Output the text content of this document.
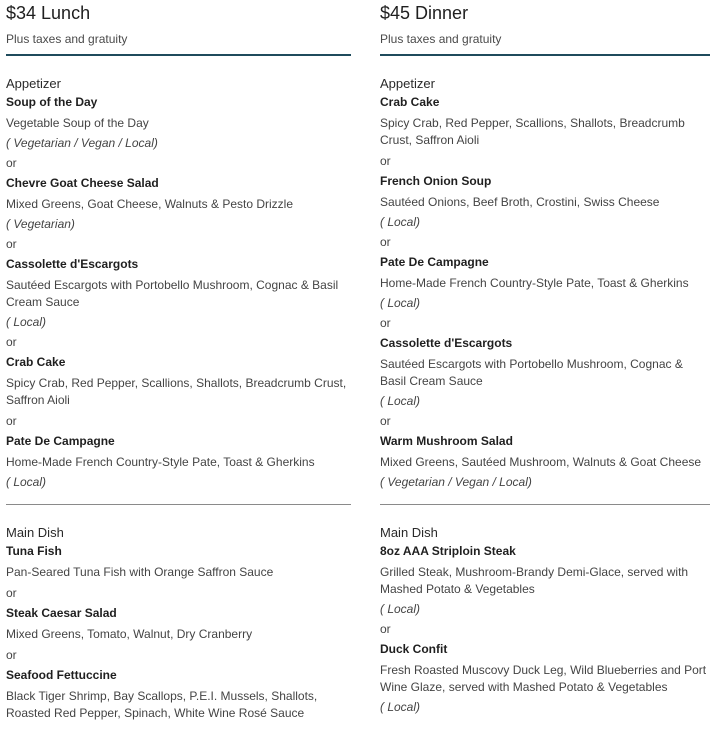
$34 Lunch
Plus taxes and gratuity
Appetizer
Soup of the Day
Vegetable Soup of the Day
( Vegetarian / Vegan / Local)
or
Chevre Goat Cheese Salad
Mixed Greens, Goat Cheese, Walnuts & Pesto Drizzle
( Vegetarian)
or
Cassolette d'Escargots
Sautéed Escargots with Portobello Mushroom, Cognac & Basil Cream Sauce
( Local)
or
Crab Cake
Spicy Crab, Red Pepper, Scallions, Shallots, Breadcrumb Crust, Saffron Aioli
or
Pate De Campagne
Home-Made French Country-Style Pate, Toast & Gherkins
( Local)
Main Dish
Tuna Fish
Pan-Seared Tuna Fish with Orange Saffron Sauce
or
Steak Caesar Salad
Mixed Greens, Tomato, Walnut, Dry Cranberry
or
Seafood Fettuccine
Black Tiger Shrimp, Bay Scallops, P.E.I. Mussels, Shallots, Roasted Red Pepper, Spinach, White Wine Rosé Sauce
$45 Dinner
Plus taxes and gratuity
Appetizer
Crab Cake
Spicy Crab, Red Pepper, Scallions, Shallots, Breadcrumb Crust, Saffron Aioli
or
French Onion Soup
Sautéed Onions, Beef Broth, Crostini, Swiss Cheese
( Local)
or
Pate De Campagne
Home-Made French Country-Style Pate, Toast & Gherkins
( Local)
or
Cassolette d'Escargots
Sautéed Escargots with Portobello Mushroom, Cognac & Basil Cream Sauce
( Local)
or
Warm Mushroom Salad
Mixed Greens, Sautéed Mushroom, Walnuts & Goat Cheese
( Vegetarian / Vegan / Local)
Main Dish
8oz AAA Striploin Steak
Grilled Steak, Mushroom-Brandy Demi-Glace, served with Mashed Potato & Vegetables
( Local)
or
Duck Confit
Fresh Roasted Muscovy Duck Leg, Wild Blueberries and Port Wine Glaze, served with Mashed Potato & Vegetables
( Local)
